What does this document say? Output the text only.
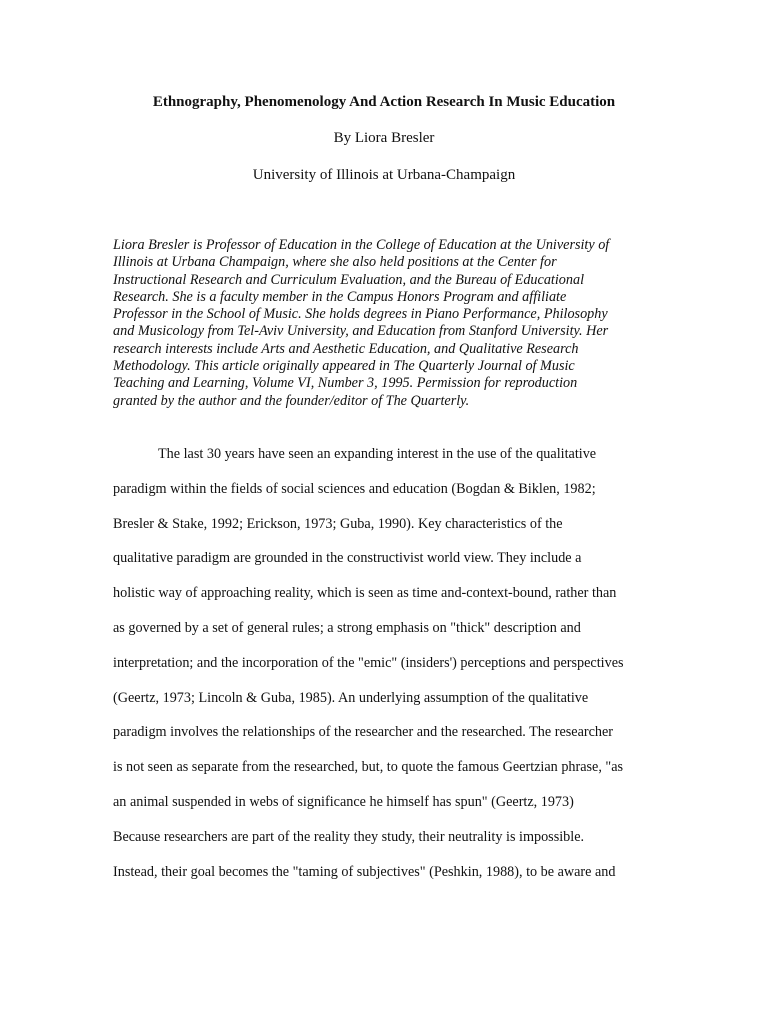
Ethnography, Phenomenology And Action Research In Music Education
By Liora Bresler
University of Illinois at Urbana-Champaign
Liora Bresler is Professor of Education in the College of Education at the University of
Illinois at Urbana Champaign, where she also held positions at the Center for
Instructional Research and Curriculum Evaluation, and the Bureau of Educational
Research. She is a faculty member in the Campus Honors Program and affiliate
Professor in the School of Music. She holds degrees in Piano Performance, Philosophy
and Musicology from Tel-Aviv University, and Education from Stanford University. Her
research interests include Arts and Aesthetic Education, and Qualitative Research
Methodology. This article originally appeared in The Quarterly Journal of Music
Teaching and Learning, Volume VI, Number 3, 1995. Permission for reproduction
granted by the author and the founder/editor of The Quarterly.
The last 30 years have seen an expanding interest in the use of the qualitative
paradigm within the fields of social sciences and education (Bogdan & Biklen, 1982;
Bresler & Stake, 1992; Erickson, 1973; Guba, 1990). Key characteristics of the
qualitative paradigm are grounded in the constructivist world view. They include a
holistic way of approaching reality, which is seen as time and-context-bound, rather than
as governed by a set of general rules; a strong emphasis on "thick" description and
interpretation; and the incorporation of the "emic" (insiders') perceptions and perspectives
(Geertz, 1973; Lincoln & Guba, 1985). An underlying assumption of the qualitative
paradigm involves the relationships of the researcher and the researched. The researcher
is not seen as separate from the researched, but, to quote the famous Geertzian phrase, "as
an animal suspended in webs of significance he himself has spun" (Geertz, 1973)
Because researchers are part of the reality they study, their neutrality is impossible.
Instead, their goal becomes the "taming of subjectives" (Peshkin, 1988), to be aware and
